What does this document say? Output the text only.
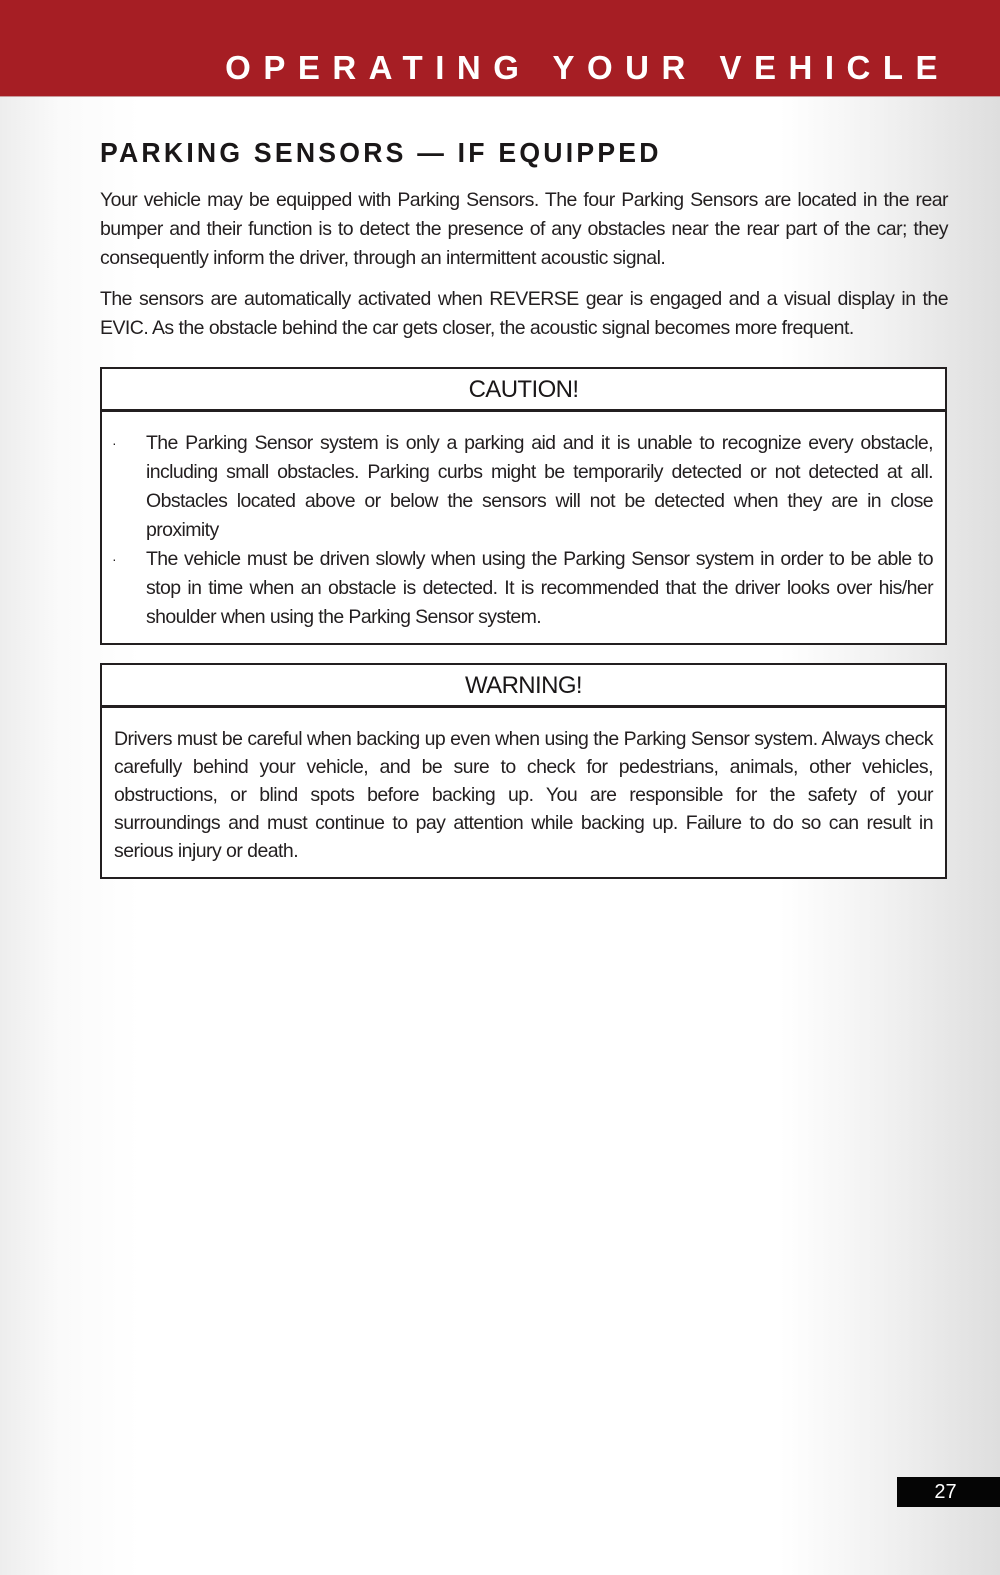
OPERATING YOUR VEHICLE
PARKING SENSORS — IF EQUIPPED

Your vehicle may be equipped with Parking Sensors. The four Parking Sensors are located in the rear bumper and their function is to detect the presence of any obstacles near the rear part of the car; they consequently inform the driver, through an intermittent acoustic signal.

The sensors are automatically activated when REVERSE gear is engaged and a visual display in the EVIC. As the obstacle behind the car gets closer, the acoustic signal becomes more frequent.

CAUTION!
· The Parking Sensor system is only a parking aid and it is unable to recognize every obstacle, including small obstacles. Parking curbs might be temporarily detected or not detected at all. Obstacles located above or below the sensors will not be detected when they are in close proximity
· The vehicle must be driven slowly when using the Parking Sensor system in order to be able to stop in time when an obstacle is detected. It is recommended that the driver looks over his/her shoulder when using the Parking Sensor system.
WARNING!
Drivers must be careful when backing up even when using the Parking Sensor system. Always check carefully behind your vehicle, and be sure to check for pedestrians, animals, other vehicles, obstructions, or blind spots before backing up. You are responsible for the safety of your surroundings and must continue to pay attention while backing up. Failure to do so can result in serious injury or death.
27
